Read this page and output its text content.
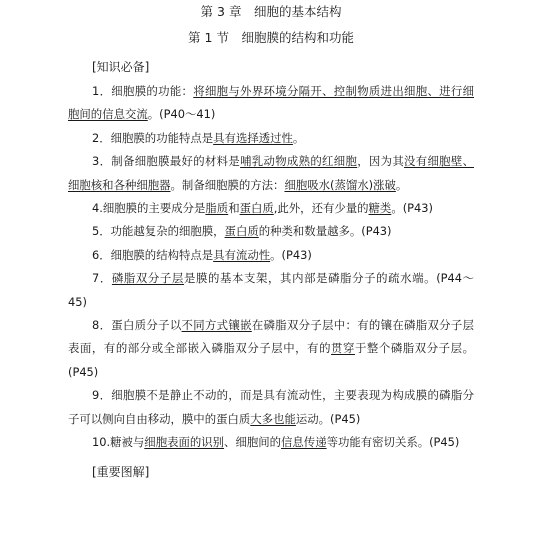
第 3 章　细胞的基本结构
第 1 节　细胞膜的结构和功能
[知识必备]

1．细胞膜的功能：将细胞与外界环境分隔开、控制物质进出细胞、进行细胞间的信息交流。(P40～41)

2．细胞膜的功能特点是具有选择透过性。

3．制备细胞膜最好的材料是哺乳动物成熟的红细胞，因为其没有细胞壁、细胞核和各种细胞器。制备细胞膜的方法：细胞吸水(蒸馏水)涨破。

4.细胞膜的主要成分是脂质和蛋白质,此外，还有少量的糖类。(P43)

5．功能越复杂的细胞膜，蛋白质的种类和数量越多。(P43)

6．细胞膜的结构特点是具有流动性。(P43)

7．磷脂双分子层是膜的基本支架，其内部是磷脂分子的疏水端。(P44～45)

8．蛋白质分子以不同方式镶嵌在磷脂双分子层中：有的镶在磷脂双分子层表面，有的部分或全部嵌入磷脂双分子层中，有的贯穿于整个磷脂双分子层。(P45)

9．细胞膜不是静止不动的，而是具有流动性，主要表现为构成膜的磷脂分子可以侧向自由移动，膜中的蛋白质大多也能运动。(P45)

10.糖被与细胞表面的识别、细胞间的信息传递等功能有密切关系。(P45)

[重要图解]
